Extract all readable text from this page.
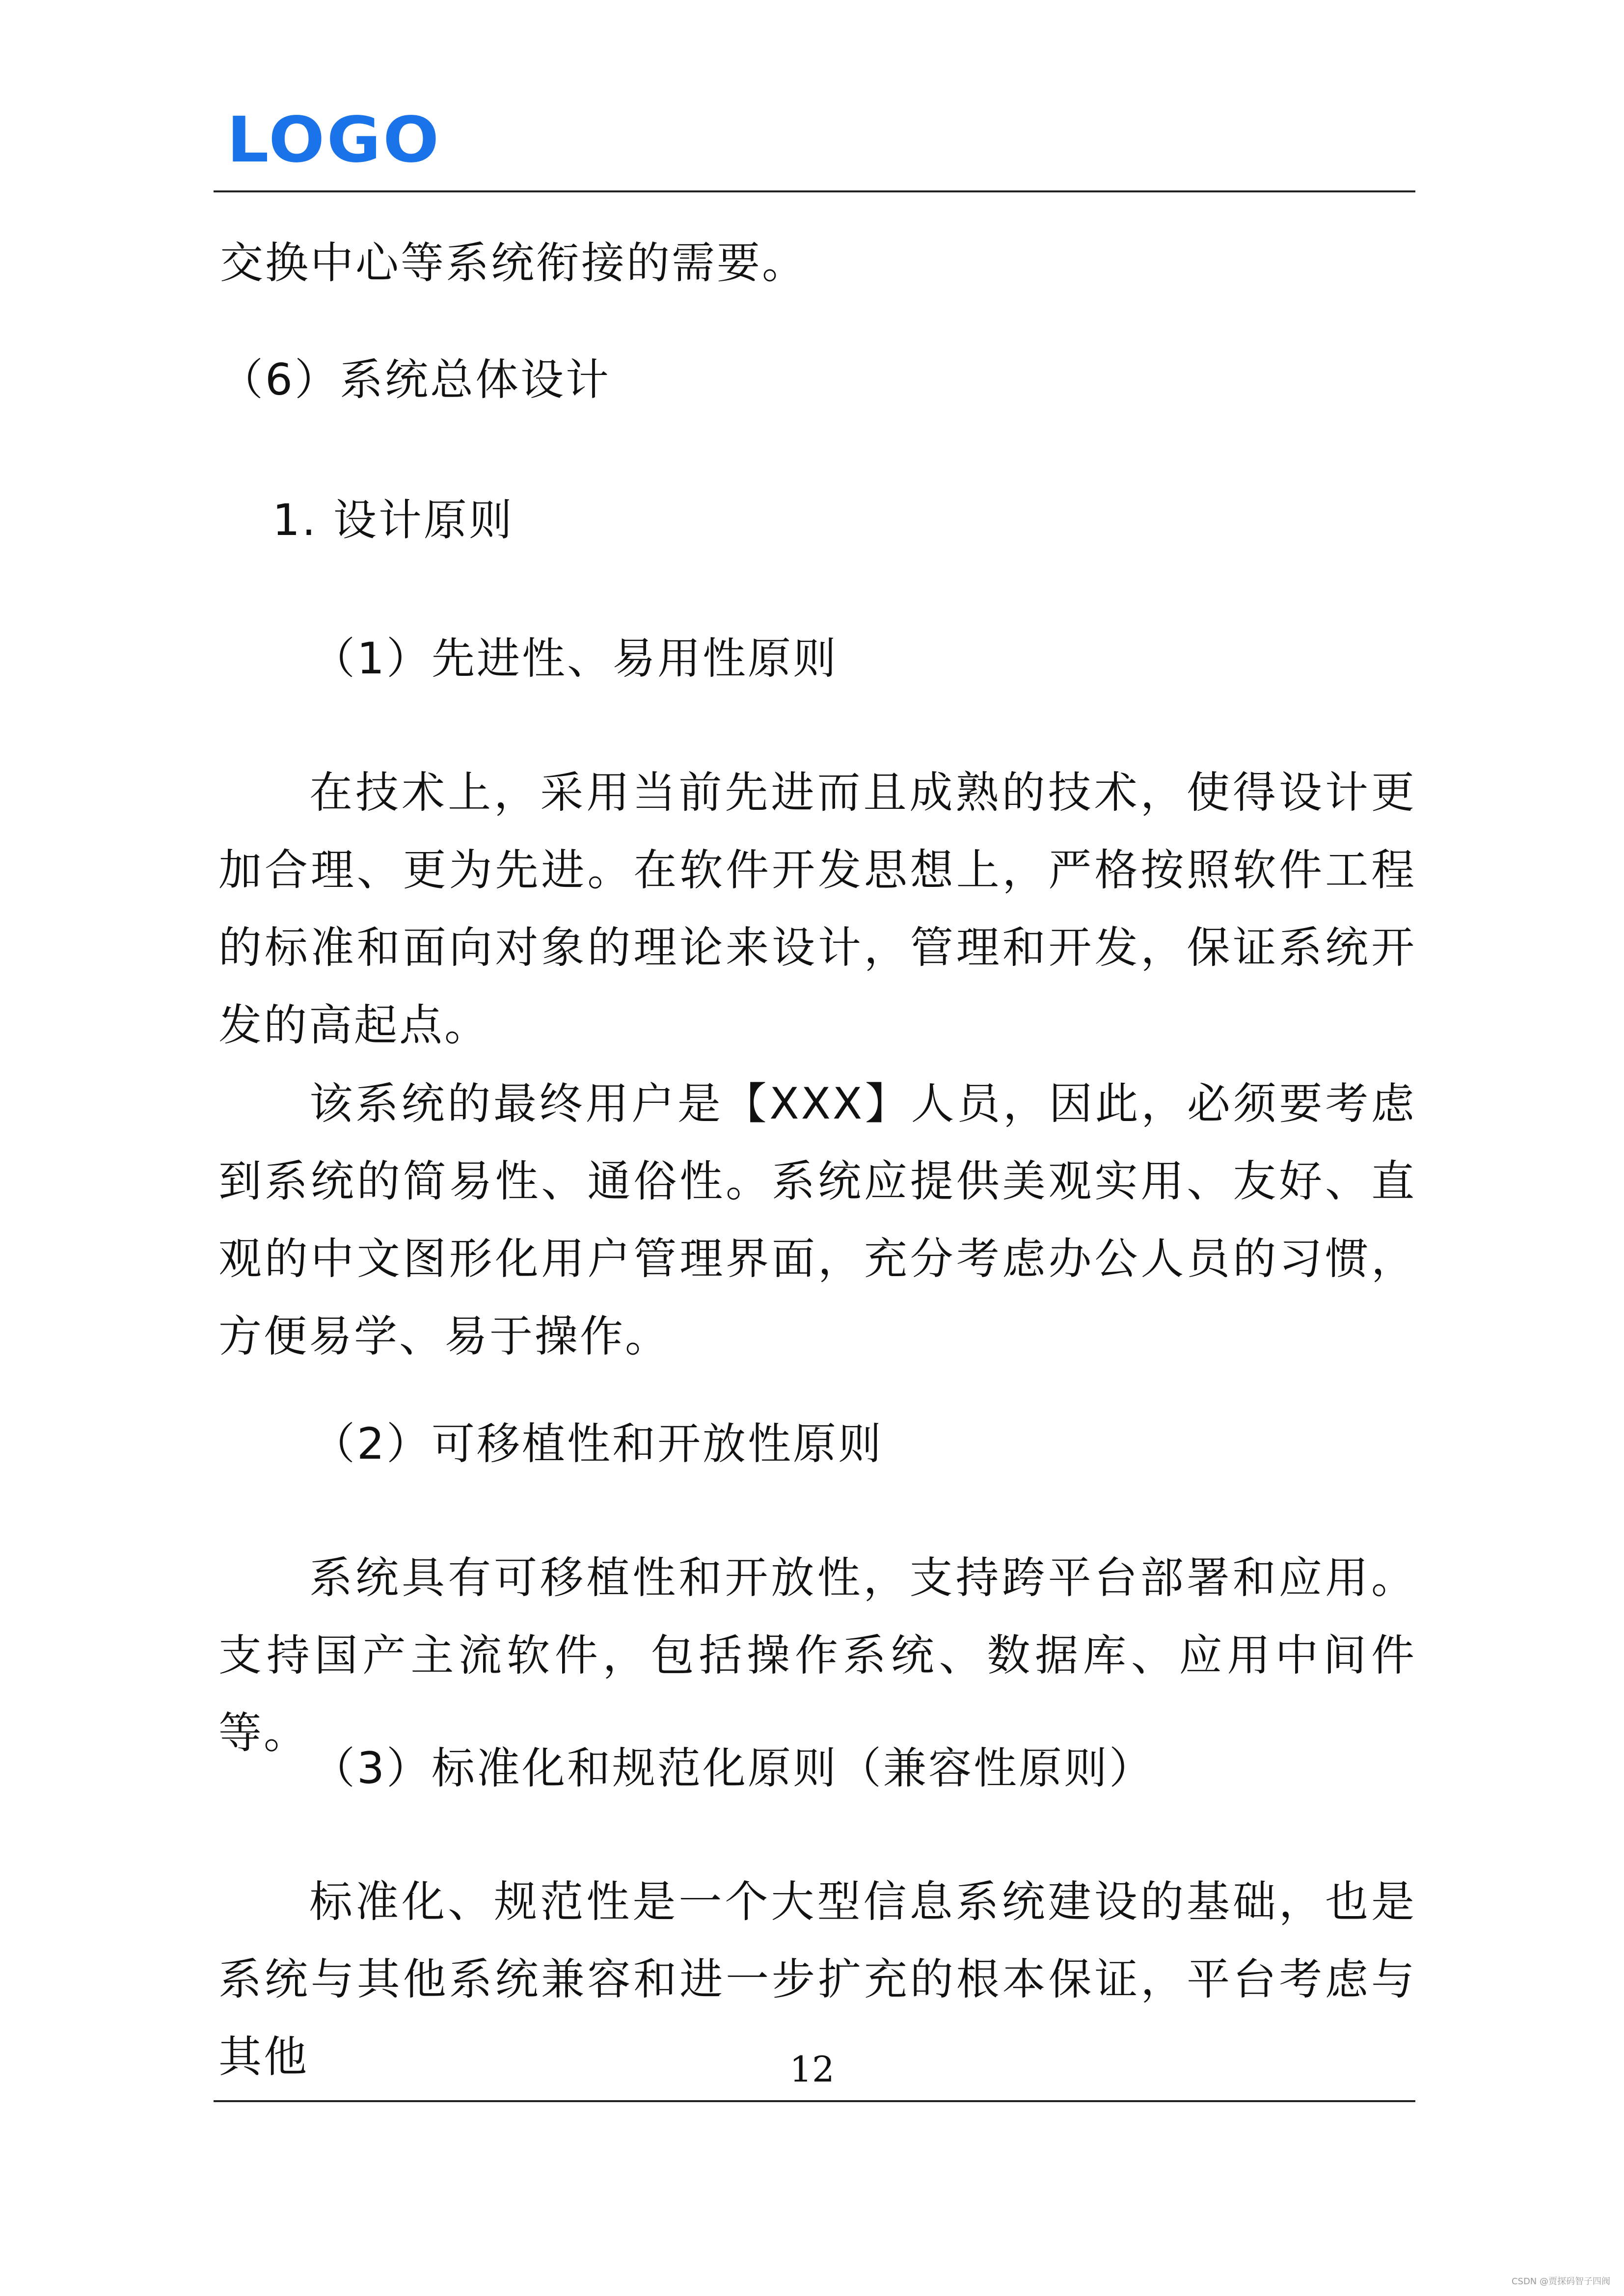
LOGO
交换中心等系统衔接的需要。
（6）系统总体设计
1. 设计原则
（1）先进性、易用性原则

在技术上，采用当前先进而且成熟的技术，使得设计更加合理、更为先进。在软件开发思想上，严格按照软件工程的标准和面向对象的理论来设计，管理和开发，保证系统开发的高起点。

该系统的最终用户是【XXX】人员，因此，必须要考虑到系统的简易性、通俗性。系统应提供美观实用、友好、直观的中文图形化用户管理界面，充分考虑办公人员的习惯，方便易学、易于操作。

（2）可移植性和开放性原则

系统具有可移植性和开放性，支持跨平台部署和应用。支持国产主流软件，包括操作系统、数据库、应用中间件等。

（3）标准化和规范化原则（兼容性原则）

标准化、规范性是一个大型信息系统建设的基础，也是系统与其他系统兼容和进一步扩充的根本保证，平台考虑与其他	12
CSDN @贾探码智子四阀
